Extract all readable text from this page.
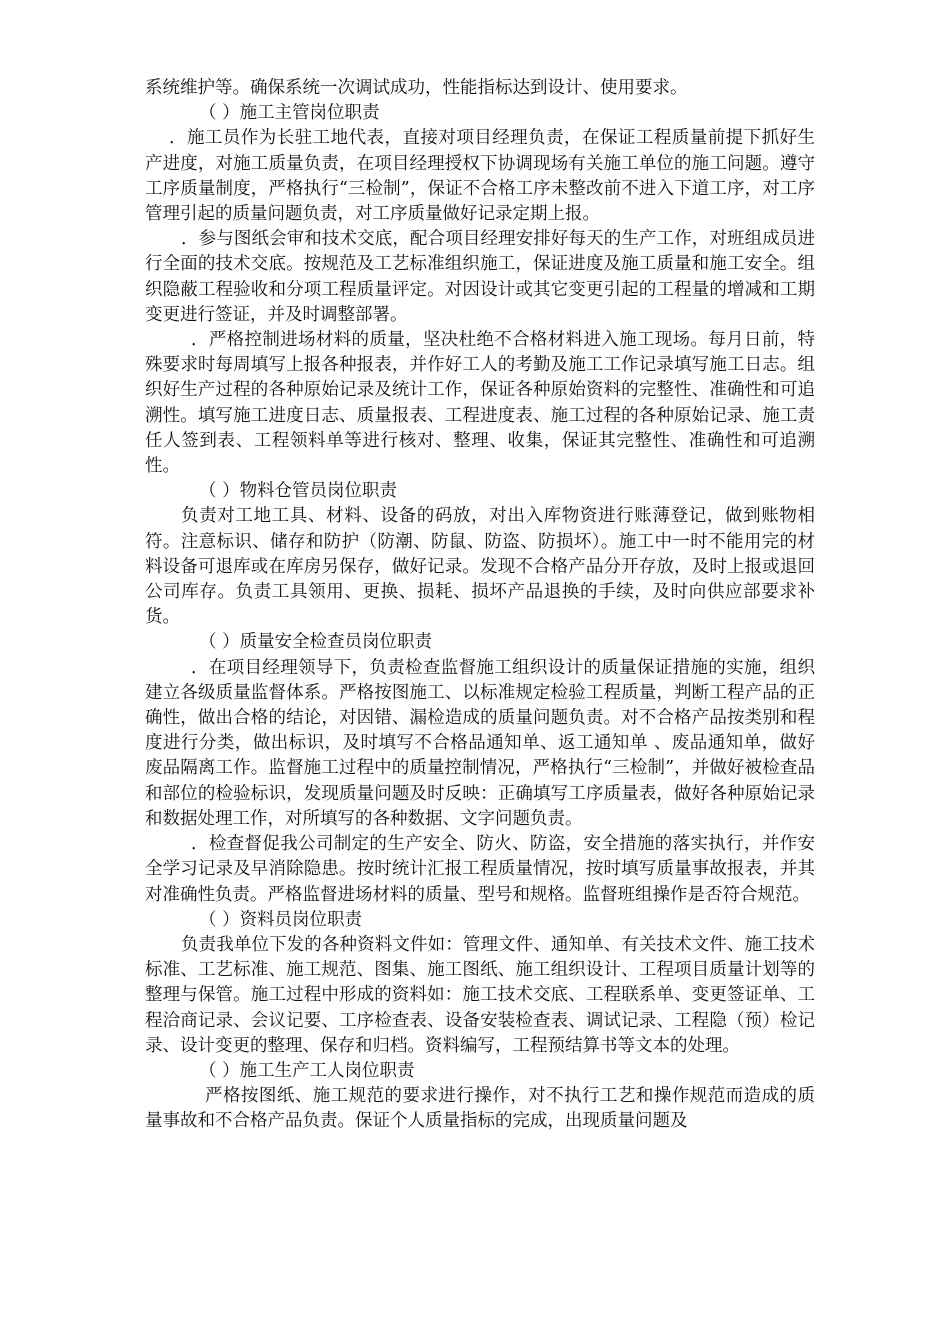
系统维护等。确保系统一次调试成功，性能指标达到设计、使用要求。

（ ）施工主管岗位职责

．施工员作为长驻工地代表，直接对项目经理负责，在保证工程质量前提下抓好生产进度，对施工质量负责，在项目经理授权下协调现场有关施工单位的施工问题。遵守工序质量制度，严格执行“三检制”，保证不合格工序未整改前不进入下道工序，对工序管理引起的质量问题负责，对工序质量做好记录定期上报。

．参与图纸会审和技术交底，配合项目经理安排好每天的生产工作，对班组成员进行全面的技术交底。按规范及工艺标准组织施工，保证进度及施工质量和施工安全。组织隐蔽工程验收和分项工程质量评定。对因设计或其它变更引起的工程量的增减和工期变更进行签证，并及时调整部署。

．严格控制进场材料的质量，坚决杜绝不合格材料进入施工现场。每月日前，特殊要求时每周填写上报各种报表，并作好工人的考勤及施工工作记录填写施工日志。组织好生产过程的各种原始记录及统计工作，保证各种原始资料的完整性、准确性和可追溯性。填写施工进度日志、质量报表、工程进度表、施工过程的各种原始记录、施工责任人签到表、工程领料单等进行核对、整理、收集，保证其完整性、准确性和可追溯性。

（ ）物料仓管员岗位职责

负责对工地工具、材料、设备的码放，对出入库物资进行账薄登记，做到账物相符。注意标识、储存和防护（防潮、防鼠、防盗、防损坏）。施工中一时不能用完的材料设备可退库或在库房另保存，做好记录。发现不合格产品分开存放，及时上报或退回公司库存。负责工具领用、更换、损耗、损坏产品退换的手续，及时向供应部要求补货。

（ ）质量安全检查员岗位职责

．在项目经理领导下，负责检查监督施工组织设计的质量保证措施的实施，组织建立各级质量监督体系。严格按图施工、以标准规定检验工程质量，判断工程产品的正确性，做出合格的结论，对因错、漏检造成的质量问题负责。对不合格产品按类别和程度进行分类，做出标识，及时填写不合格品通知单、返工通知单 、废品通知单，做好废品隔离工作。监督施工过程中的质量控制情况，严格执行“三检制”，并做好被检查品和部位的检验标识，发现质量问题及时反映：正确填写工序质量表，做好各种原始记录和数据处理工作，对所填写的各种数据、文字问题负责。

．检查督促我公司制定的生产安全、防火、防盗，安全措施的落实执行，并作安全学习记录及早消除隐患。按时统计汇报工程质量情况，按时填写质量事故报表，并其对准确性负责。严格监督进场材料的质量、型号和规格。监督班组操作是否符合规范。

（ ）资料员岗位职责

负责我单位下发的各种资料文件如：管理文件、通知单、有关技术文件、施工技术标准、工艺标准、施工规范、图集、施工图纸、施工组织设计、工程项目质量计划等的整理与保管。施工过程中形成的资料如：施工技术交底、工程联系单、变更签证单、工程洽商记录、会议记要、工序检查表、设备安装检查表、调试记录、工程隐（预）检记录、设计变更的整理、保存和归档。资料编写，工程预结算书等文本的处理。

（ ）施工生产工人岗位职责

严格按图纸、施工规范的要求进行操作，对不执行工艺和操作规范而造成的质量事故和不合格产品负责。保证个人质量指标的完成，出现质量问题及
